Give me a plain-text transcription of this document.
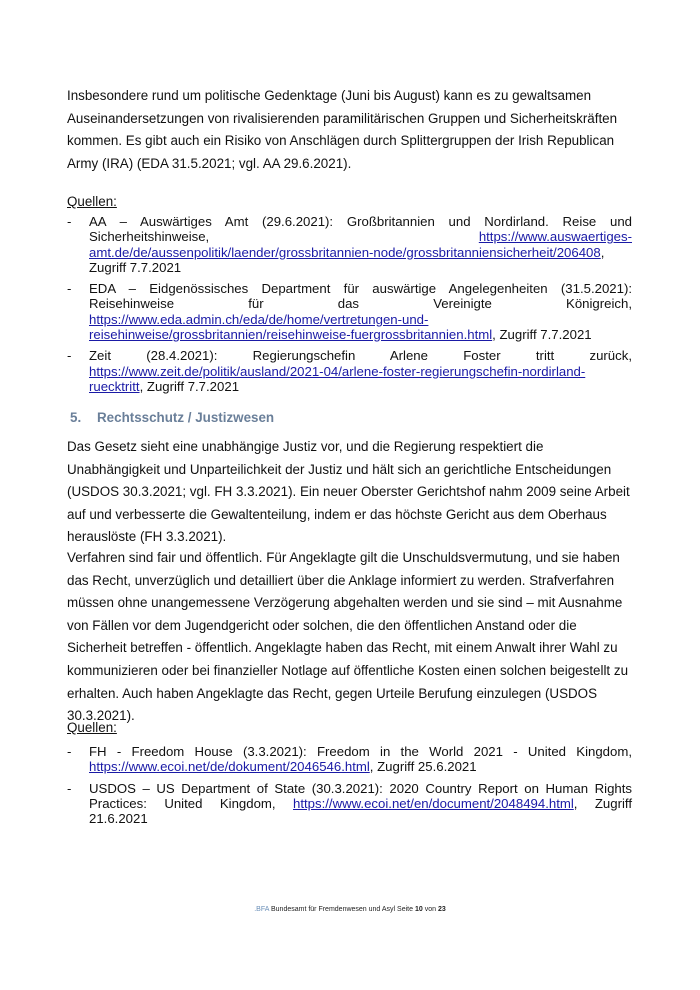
Insbesondere rund um politische Gedenktage (Juni bis August) kann es zu gewaltsamen Auseinandersetzungen von rivalisierenden paramilitärischen Gruppen und Sicherheitskräften kommen. Es gibt auch ein Risiko von Anschlägen durch Splittergruppen der Irish Republican Army (IRA) (EDA 31.5.2021; vgl. AA 29.6.2021).

Quellen:

- AA – Auswärtiges Amt (29.6.2021): Großbritannien und Nordirland. Reise und Sicherheitshinweise,	https://www.auswaertiges-amt.de/de/aussenpolitik/laender/grossbritannien-node/grossbritanniensicherheit/206408, Zugriff 7.7.2021
- EDA – Eidgenössisches Department für auswärtige Angelegenheiten (31.5.2021): Reisehinweise für das Vereinigte Königreich, https://www.eda.admin.ch/eda/de/home/vertretungen-und-reisehinweise/grossbritannien/reisehinweise-fuergrossbritannien.html, Zugriff 7.7.2021
- Zeit (28.4.2021): Regierungschefin Arlene Foster tritt zurück, https://www.zeit.de/politik/ausland/2021-04/arlene-foster-regierungschefin-nordirland-ruecktritt, Zugriff 7.7.2021

5. Rechtsschutz / Justizwesen

Das Gesetz sieht eine unabhängige Justiz vor, und die Regierung respektiert die Unabhängigkeit und Unparteilichkeit der Justiz und hält sich an gerichtliche Entscheidungen (USDOS 30.3.2021; vgl. FH 3.3.2021). Ein neuer Oberster Gerichtshof nahm 2009 seine Arbeit auf und verbesserte die Gewaltenteilung, indem er das höchste Gericht aus dem Oberhaus herauslöste (FH 3.3.2021).

Verfahren sind fair und öffentlich. Für Angeklagte gilt die Unschuldsvermutung, und sie haben das Recht, unverzüglich und detailliert über die Anklage informiert zu werden. Strafverfahren müssen ohne unangemessene Verzögerung abgehalten werden und sie sind – mit Ausnahme von Fällen vor dem Jugendgericht oder solchen, die den öffentlichen Anstand oder die Sicherheit betreffen - öffentlich. Angeklagte haben das Recht, mit einem Anwalt ihrer Wahl zu kommunizieren oder bei finanzieller Notlage auf öffentliche Kosten einen solchen beigestellt zu erhalten. Auch haben Angeklagte das Recht, gegen Urteile Berufung einzulegen (USDOS 30.3.2021).

Quellen:

- FH - Freedom House (3.3.2021): Freedom in the World 2021 - United Kingdom, https://www.ecoi.net/de/dokument/2046546.html, Zugriff 25.6.2021
- USDOS – US Department of State (30.3.2021): 2020 Country Report on Human Rights Practices: United Kingdom, https://www.ecoi.net/en/document/2048494.html, Zugriff 21.6.2021
.BFA Bundesamt für Fremdenwesen und Asyl Seite 10 von 23
